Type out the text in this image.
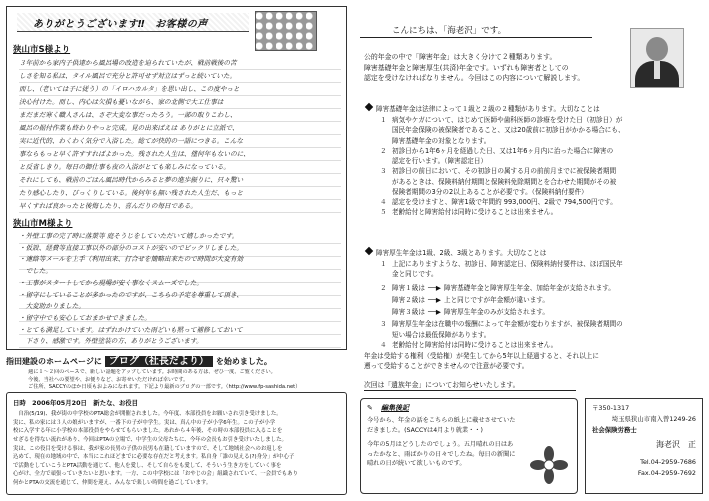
ありがとうございます‼　お客様の声
狭山市S様より
３年前から家内子供達から風呂場の改造を迫られていたが、戦前戦後の苦
しさを知る私は、タイル風呂で充分と許可せず対立はずっと続いていた。
而し、（老いては子に従う）の「イロハカルタ」を思い出し、この度やっと
決心付けた。而し、内心は欠損も憂いながら、家の北側で大工仕事は
まだまだ寒く職人さんは、さぞ大変な事だったろう。一部の取りこわし、
風呂の据付作業も終わりやっと完成。見の出来ばえは ありがとに立派で、
実に近代的、わくわく気分で入浴した。総てが快的の一語につきる。こんな
事ならもっと早く許すすればよかった。残された人生は、僅何年もないのに、
と反省しきり。毎日の御仕事も夜の入浴がとても楽しみになっている。
それにしても、戦前のごはん風呂時代からみると夢の進歩振りに、只々驚い
たり感心したり、びっくりしている。後何年も無い残された人生だ、もっと
早くすれば良かったと後悔したり、喜んだりの毎日である。
狭山市M様より
・外壁工事の完了時に落葉等 庭そうじをしていただいて嬉しかったです。
・仮設、経費等直接工事以外の部分のコストが安いのでビックリしました。
・連絡等メールを上手（利用出来、打合せを簡略出来たので時間が大変有効
　でした。
・工事がスタートしてから現場が安く事なくスムーズでした。
・留守にしていることが多かったのですが、こちらの予定を尊重して頂き、
　大変助かりました。
・留守中でも安心しておまかせできました。
・とても満足しています。はずれかけていた雨どいも黙って補修しておいて
　下さり、感激です。外壁塗装の方、ありがとうございます。
指田建設のホームページに ブログ（社長だより） を始めました。
週に１〜２回のペースで、新しい話題をアップしています。お時間のある方は、ぜひ一度、ご覧ください。
今後、当社への要望や、お便りなど、お寄せいただければ幸いです。
ご住所、SACCYのほか日頃もおよみになれます。下記より最新のブログの一部です。（http://www.fp-sashida.net）
日時　2006年05月20日　新たな、お役目
　自治(5/19)、我が街の中学校のPTA総会が開催されました。今年度、本部役員をお願いされ引き受けました。
実に、私の家には３人の娘がいますが、一番下の子が中学生。実は、真ん中の子が小学6年生。この子が小学
校に入学する年に小学校の本部役員をやらせてもらいました。あれから４年後、その時の本部役員に入ることを
せざるを得ない流れがあり、今回はPTAの立場で、中学生の父母たちに、今年の会長もお引き受けいたしました。
実は、この役目を受ける事は、我が家の長男の子供の長男も在籍していますので、そして地域社会へのお返しを
込めて、現在の地域の中で、本当にこれほどまでに必要な存在だと考えます。私自身「誰の見える(?)身分」が中心子
で活動をしていこうとPTA活動を通じて、他人を愛し、そして自らをも愛して、そういう生き方をしていく事を
心がけ、全力で頑張っていきたいと思います。一方、この中学校には「おやじの会」組織されていて、一会員でもあり
何かとPTAの交流を通じて、仲間を迎え、みんなで楽しい時間を過ごしています。
こんにちは、「海老沢」です。
公的年金の中で「障害年金」は大きく分けて２種類あります。
障害基礎年金と障害厚生(共済)年金です。いずれも障害者としての
認定を受けなければなりません。今回はこの内容について解説します。
障害基礎年金は法律によって１級と２級の２種類があります。大切なことは
１ 病気やケガについて、はじめて医師や歯科医師の診療を受けた日（初診日）が
国民年金保険の被保険者であること、又は20歳前に初診日がかかる場合にも、
障害基礎年金の対象となります。
２ 初診日から1年6ヶ月を経過した日、又は1年6ヶ月内に治った場合に障害の
認定を行います。（障害認定日）
３ 初診日の前日において、その初診日の属する月の前前月までに被保険者期間
があるときは、保険料納付期間と保険料免除期間とを合わせた期間がその被
保険者期間の3分の2以上あることが必要です。（保険料納付要件）
４ 認定を受けますと、障害1級で年間約 993,000円、2級で 794,500円です。
５ 老齢給付と障害給付は同時に受けることは出来ません。
障害厚生年金は1級、2級、3級とあります。大切なことは
１ 上記にありますような、初診日、障害認定日、保険料納付要件は、ほぼ国民年
金と同じです。
２ 障害１級は ──▶ 障害基礎年金と障害厚生年金、加給年金が支給されます。
障害２級は ──▶ 上と同じですが年金額が違います。
障害３級は ──▶ 障害厚生年金のみが支給されます。
３ 障害厚生年金は在職中の報酬によって年金額が変わりますが、被保険者期間の
短い場合は最低保障があります。
４ 老齢給付と障害給付は同時に受けることは出来ません。
年金は受給する権利（受給権）が発生してから5年以上経過すると、それ以上に
遡って受給することができませんので注意が必要です。
次回は「遺族年金」についてお知らせいたします。
✎ 編集後記
今号から、年金の話をこちらの紙上に載せさせていただきました。(SACCYは4月より就業・・)
今年の5月はどうしたのでしょう。五月晴れの日はあったかなと、雨ばかりの日々でしたね。毎日の新聞に晴れの日が続いて欲しいものです。
〒350-1317
埼玉県狭山市南入曽1249-26
社会保険労務士
海老沢　正
Tel.04-2959-7686
Fax.04-2959-7692
